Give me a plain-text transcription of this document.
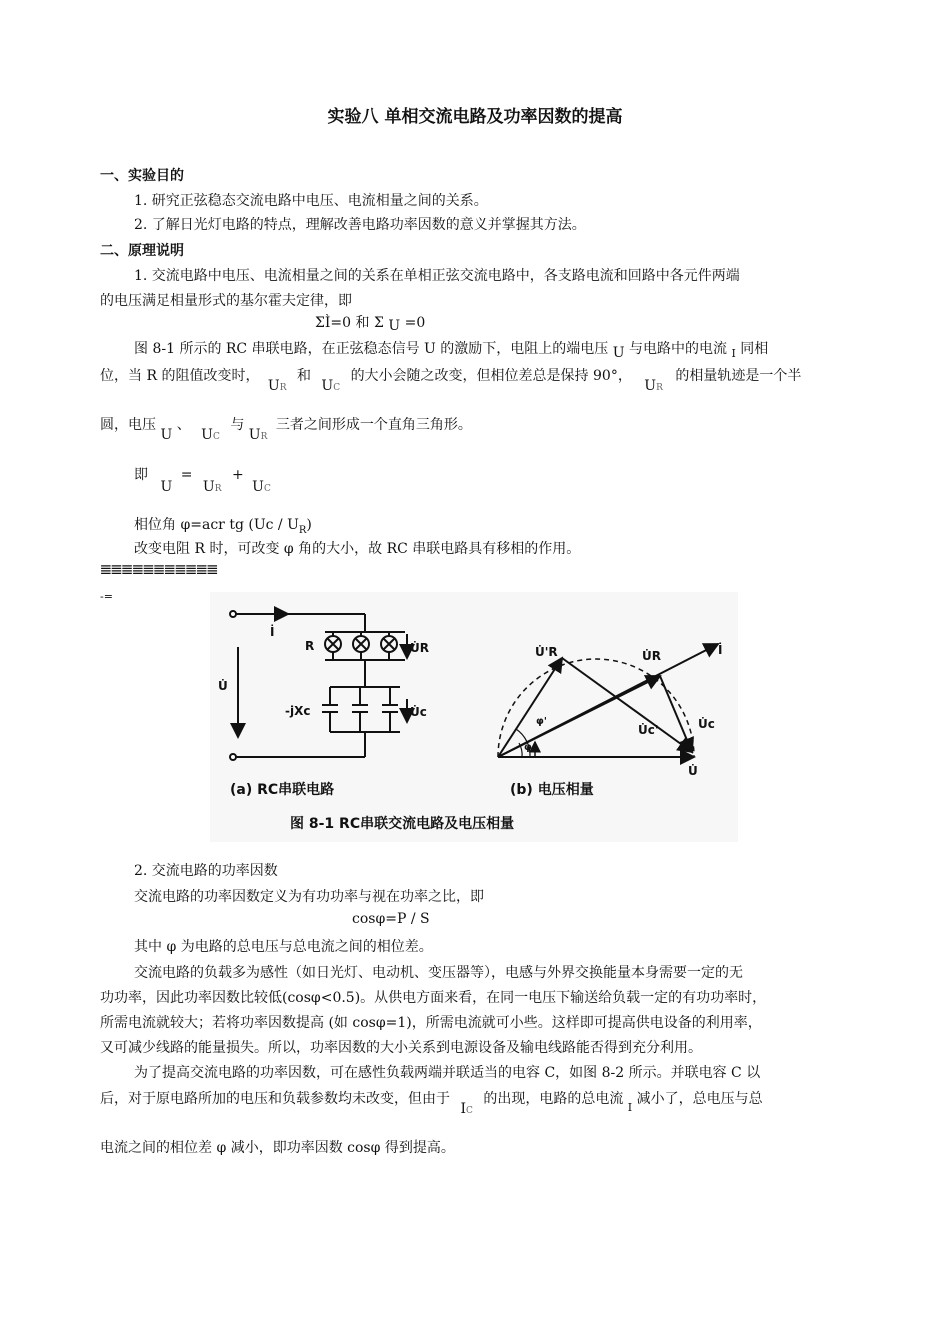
实验八 单相交流电路及功率因数的提高
一、实验目的
1. 研究正弦稳态交流电路中电压、电流相量之间的关系。
2. 了解日光灯电路的特点，理解改善电路功率因数的意义并掌握其方法。
二、原理说明
1. 交流电路中电压、电流相量之间的关系在单相正弦交流电路中，各支路电流和回路中各元件两端
的电压满足相量形式的基尔霍夫定律，即
ΣÌ=0 和 Σ U =0
图 8-1 所示的 RC 串联电路，在正弦稳态信号 U 的激励下，电阻上的端电压 U 与电路中的电流 $_I$ 同相
位，当 R 的阻值改变时， UR 和 UC 的大小会随之改变，但相位差总是保持 90°， UR 的相量轨迹是一个半
圆，电压 U 、 UC 与 UR 三者之间形成一个直角三角形。
即 U = UR + UC
相位角 φ=acr tg $(Uc / U_R)$
改变电阻 R 时，可改变 φ 角的大小，故 RC 串联电路具有移相的作用。
𝌆𝌆𝌆𝌆𝌆𝌆𝌆𝌆𝌆𝌆𝌆
-=
İ
R	U̇R
U̇
-jXc	U̇c
U̇'R	U̇R	İ
φ'
φ
U̇c'	U̇c
U̇
(a) RC串联电路	(b) 电压相量
图 8-1 RC串联交流电路及电压相量
2. 交流电路的功率因数
交流电路的功率因数定义为有功功率与视在功率之比，即
cosφ=P / S
其中 φ 为电路的总电压与总电流之间的相位差。
交流电路的负载多为感性（如日光灯、电动机、变压器等），电感与外界交换能量本身需要一定的无
功功率，因此功率因数比较低(cosφ<0.5)。从供电方面来看，在同一电压下输送给负载一定的有功功率时，
所需电流就较大；若将功率因数提高 (如 cosφ=1)，所需电流就可小些。这样即可提高供电设备的利用率，
又可减少线路的能量损失。所以，功率因数的大小关系到电源设备及输电线路能否得到充分利用。
为了提高交流电路的功率因数，可在感性负载两端并联适当的电容 C，如图 8-2 所示。并联电容 C 以
后，对于原电路所加的电压和负载参数均未改变，但由于 IC 的出现，电路的总电流 $_I$ 减小了，总电压与总
电流之间的相位差 φ 减小，即功率因数 cosφ 得到提高。
